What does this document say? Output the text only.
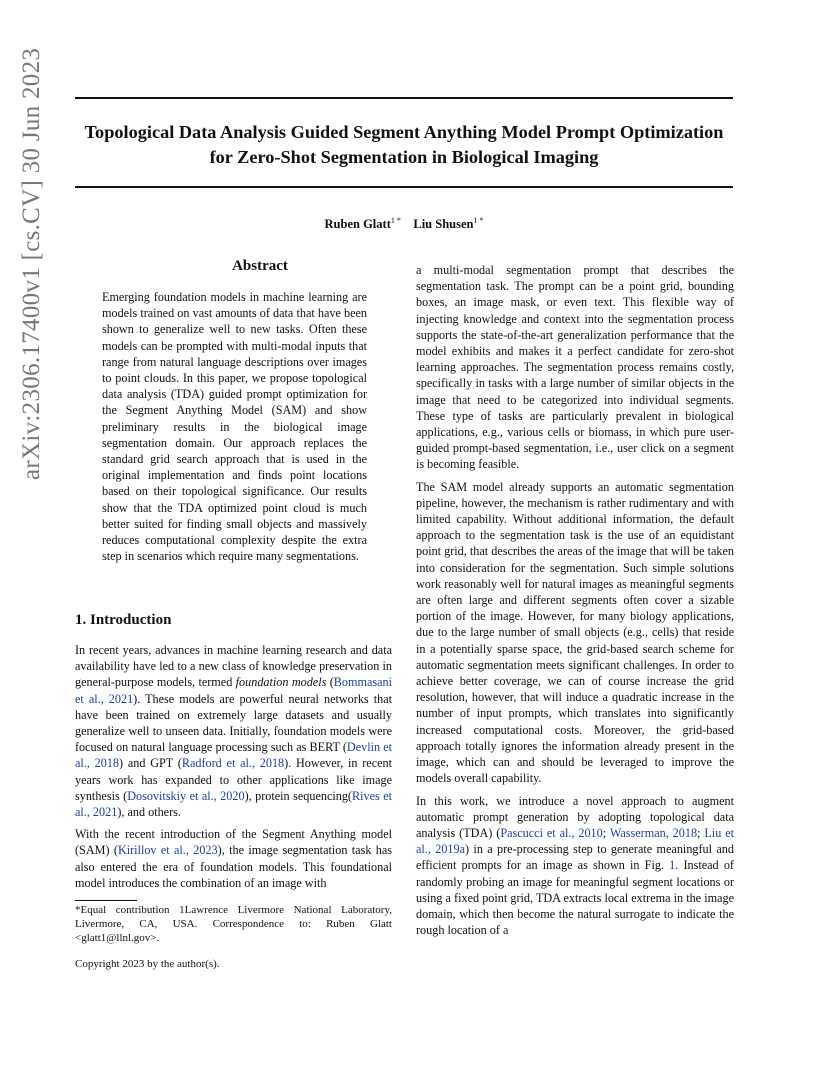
Topological Data Analysis Guided Segment Anything Model Prompt Optimization for Zero-Shot Segmentation in Biological Imaging
Ruben Glatt$^{1 *}$ Liu Shusen$^{1 *}$
arXiv:2306.17400v1 [cs.CV] 30 Jun 2023	Abstract

Emerging foundation models in machine learning are models trained on vast amounts of data that have been shown to generalize well to new tasks. Often these models can be prompted with multi-modal inputs that range from natural language descriptions over images to point clouds. In this paper, we propose topological data analysis (TDA) guided prompt optimization for the Segment Anything Model (SAM) and show preliminary results in the biological image segmentation domain. Our approach replaces the standard grid search approach that is used in the original implementation and finds point locations based on their topological significance. Our results show that the TDA optimized point cloud is much better suited for finding small objects and massively reduces computational complexity despite the extra step in scenarios which require many segmentations.

1. Introduction

In recent years, advances in machine learning research and data availability have led to a new class of knowledge preservation in general-purpose models, termed foundation models (Bommasani et al., 2021). These models are powerful neural networks that have been trained on extremely large datasets and usually generalize well to unseen data. Initially, foundation models were focused on natural language processing such as BERT (Devlin et al., 2018) and GPT (Radford et al., 2018). However, in recent years work has expanded to other applications like image synthesis (Dosovitskiy et al., 2020), protein sequencing(Rives et al., 2021), and others.

With the recent introduction of the Segment Anything model (SAM) (Kirillov et al., 2023), the image segmentation task has also entered the era of foundation models. This foundational model introduces the combination of an image with

*Equal contribution 1Lawrence Livermore National Laboratory, Livermore, CA, USA. Correspondence to: Ruben Glatt <glatt1@llnl.gov>.
Copyright 2023 by the author(s).

a multi-modal segmentation prompt that describes the segmentation task. The prompt can be a point grid, bounding boxes, an image mask, or even text. This flexible way of injecting knowledge and context into the segmentation process supports the state-of-the-art generalization performance that the model exhibits and makes it a perfect candidate for zero-shot learning approaches. The segmentation process remains costly, specifically in tasks with a large number of similar objects in the image that need to be categorized into individual segments. These type of tasks are particularly prevalent in biological applications, e.g., various cells or biomass, in which pure user-guided prompt-based segmentation, i.e., user click on a segment is becoming feasible.

The SAM model already supports an automatic segmentation pipeline, however, the mechanism is rather rudimentary and with limited capability. Without additional information, the default approach to the segmentation task is the use of an equidistant point grid, that describes the areas of the image that will be taken into consideration for the segmentation. Such simple solutions work reasonably well for natural images as meaningful segments are often large and different segments often cover a sizable portion of the image. However, for many biology applications, due to the large number of small objects (e.g., cells) that reside in a potentially sparse space, the grid-based search scheme for automatic segmentation meets significant challenges. In order to achieve better coverage, we can of course increase the grid resolution, however, that will induce a quadratic increase in the number of input prompts, which translates into significantly increased computational costs. Moreover, the grid-based approach totally ignores the information already present in the image, which can and should be leveraged to improve the models overall capability.

In this work, we introduce a novel approach to augment automatic prompt generation by adopting topological data analysis (TDA) (Pascucci et al., 2010; Wasserman, 2018; Liu et al., 2019a) in a pre-processing step to generate meaningful and efficient prompts for an image as shown in Fig. 1. Instead of randomly probing an image for meaningful segment locations or using a fixed point grid, TDA extracts local extrema in the image domain, which then become the natural surrogate to indicate the rough location of a
